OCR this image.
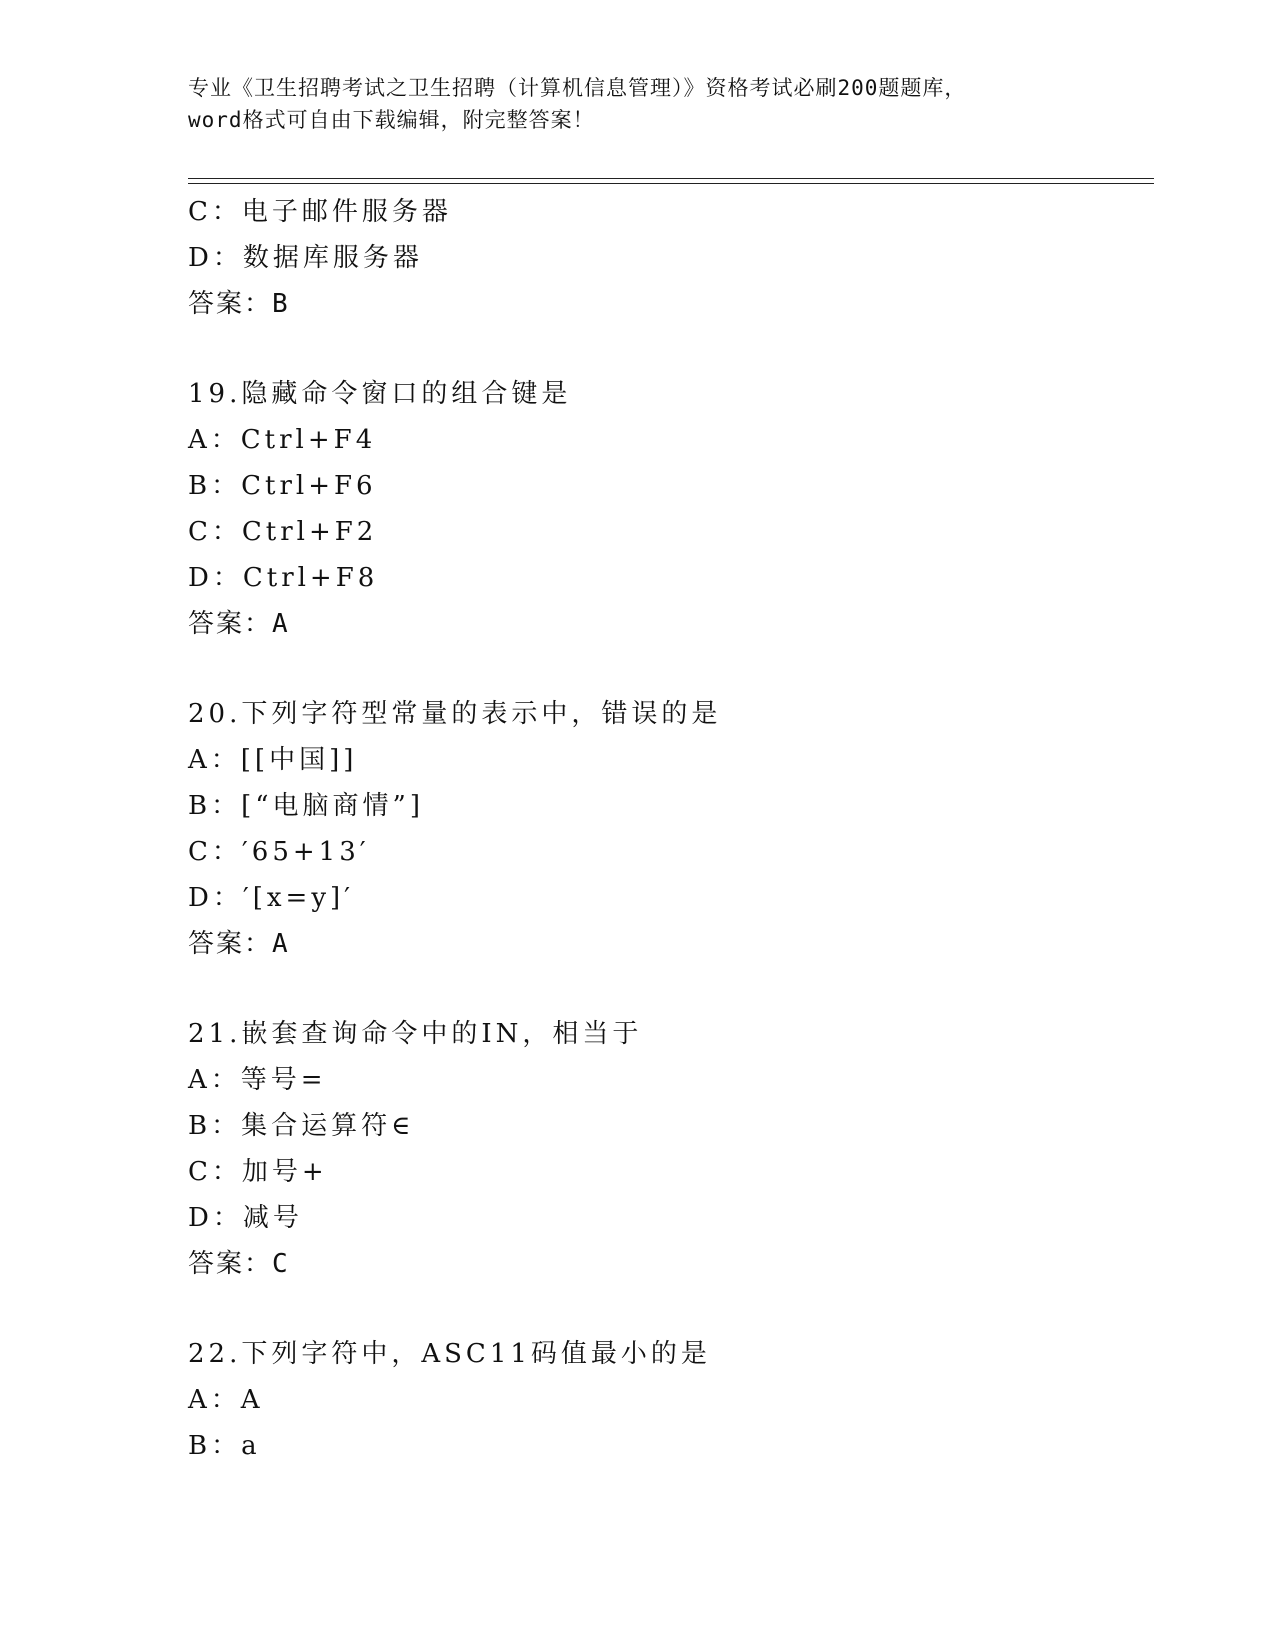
专业《卫生招聘考试之卫生招聘（计算机信息管理）》资格考试必刷200题题库，
word格式可自由下载编辑，附完整答案！
C：电子邮件服务器
D：数据库服务器
答案：B
19.隐藏命令窗口的组合键是
A：Ctrl+F4
B：Ctrl+F6
C：Ctrl+F2
D：Ctrl+F8
答案：A
20.下列字符型常量的表示中，错误的是
A：[[中国]]
B：[“电脑商情”]
C：′65+13′
D：′[x=y]′
答案：A
21.嵌套查询命令中的IN，相当于
A：等号=
B：集合运算符∈
C：加号+
D：减号
答案：C
22.下列字符中，ASC11码值最小的是
A：A
B：a
